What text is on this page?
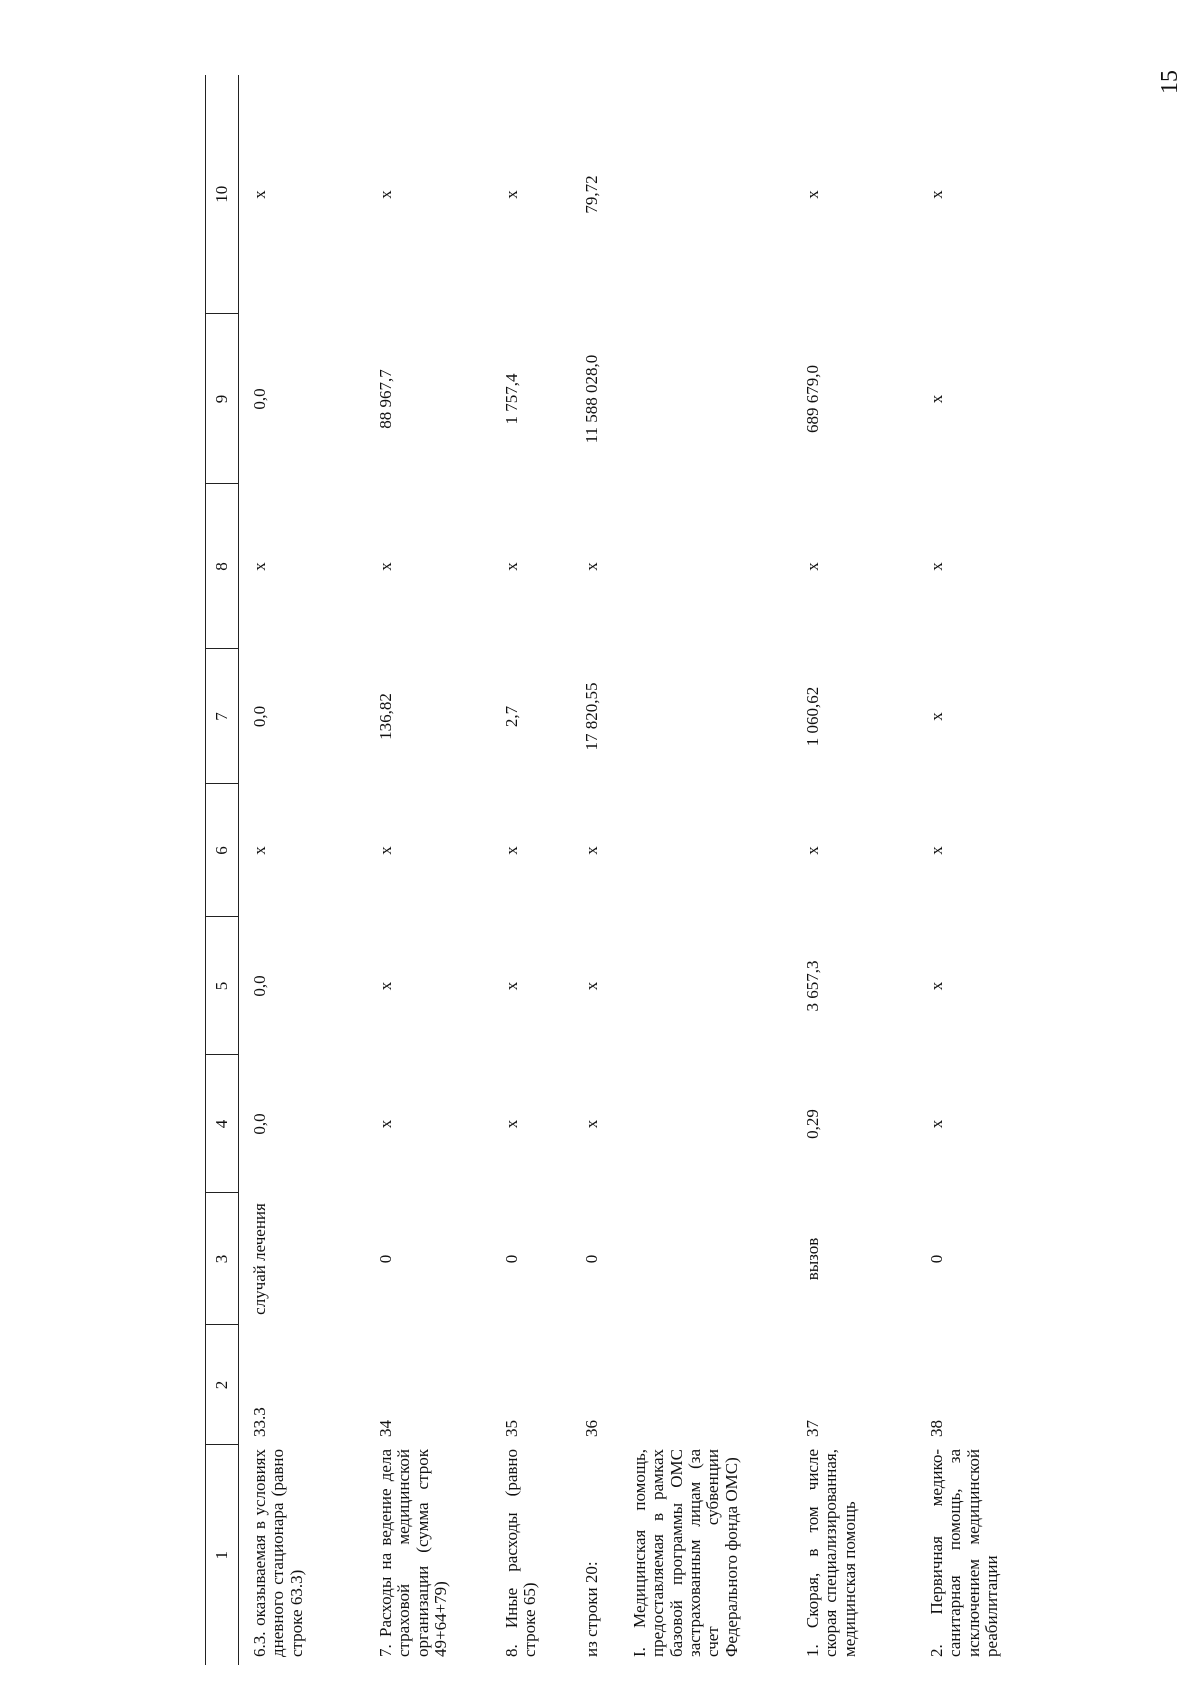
15
1	2	3	4	5	6	7	8	9	10
6.3. оказываемая в условиях дневного стационара (равно строке 63.3)	33.3	случай лечения	0,0	0,0	x	0,0	x	0,0	x
7. Расходы на ведение дела страховой медицинской организации (сумма строк 49+64+79)	34	0	x	x	x	136,82	x	88 967,7	x
8. Иные расходы (равно строке 65)	35	0	x	x	x	2,7	x	1 757,4	x
из строки 20:	36	0	x	x	x	17 820,55	x	11 588 028,0	79,72
I. Медицинская помощь, предоставляемая в рамках базовой программы ОМС застрахованным лицам (за счет субвенции Федерального фонда ОМС)									
1. Скорая, в том числе скорая специализированная, медицинская помощь	37	вызов	0,29	3 657,3	x	1 060,62	x	689 679,0	x
2. Первичная медико-санитарная помощь, за исключением медицинской реабилитации	38	0	x	x	x	x	x	x	x
